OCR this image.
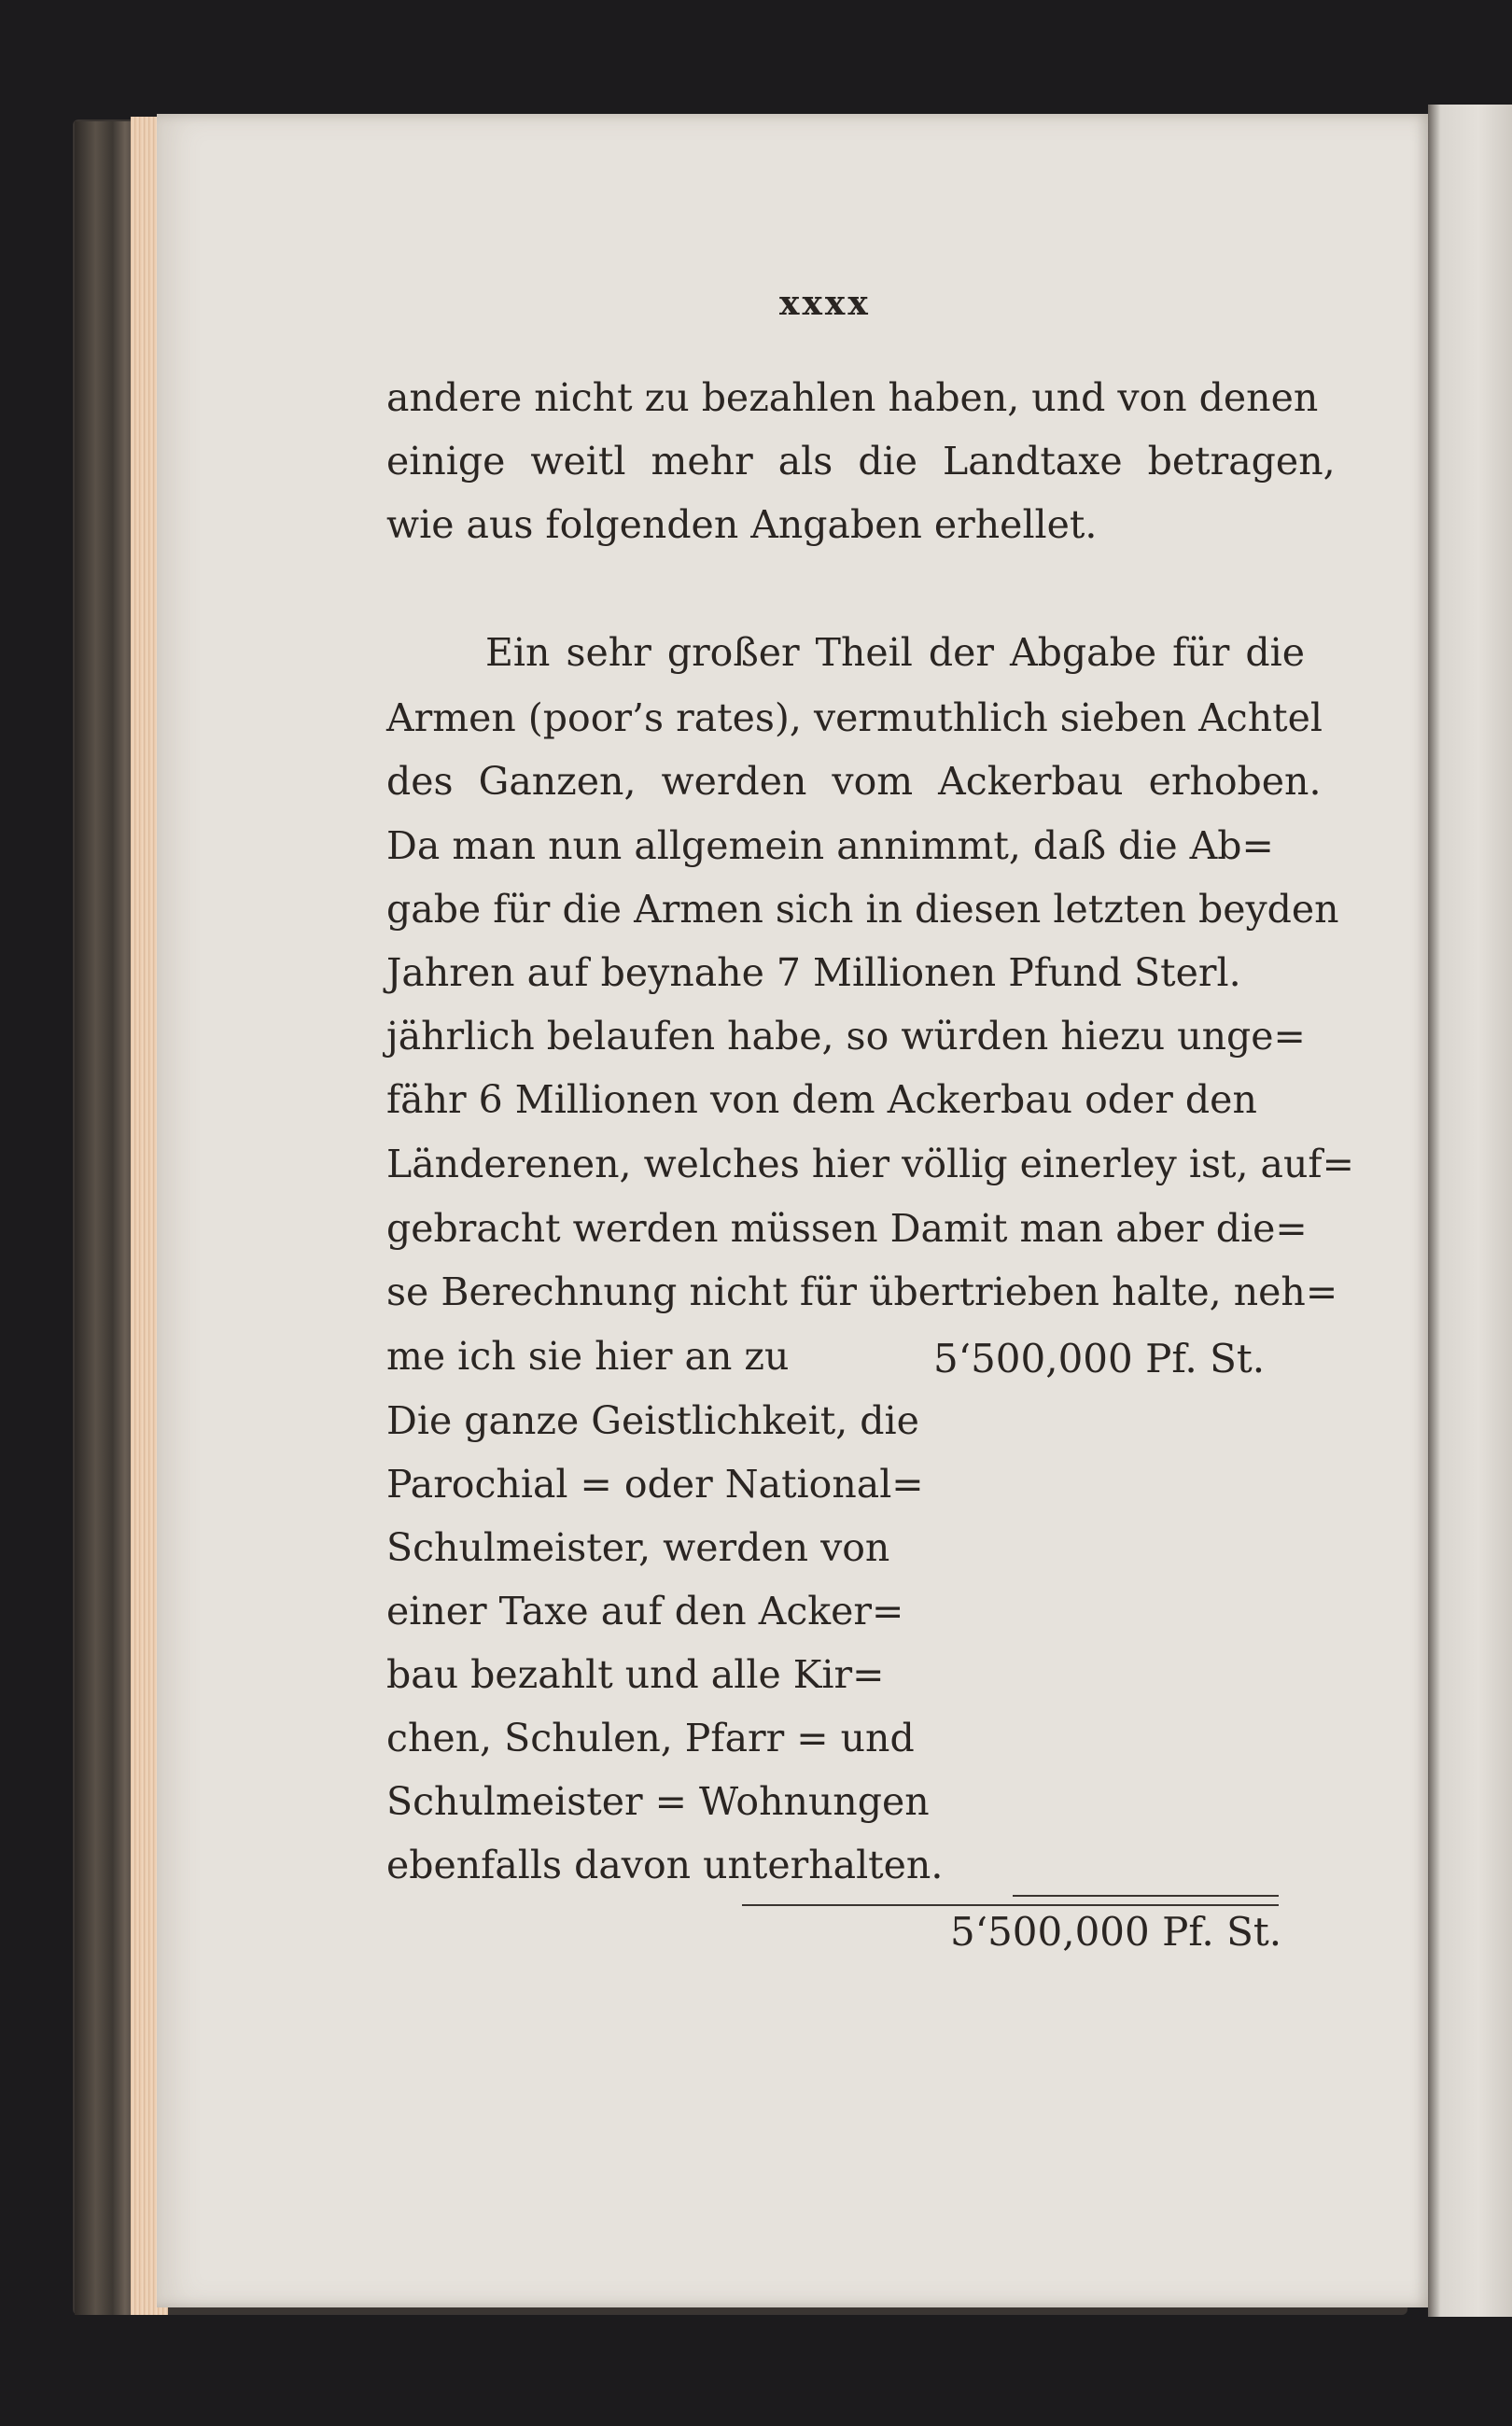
xxxx
andere nicht zu bezahlen haben, und von denen
einige weitl mehr als die Landtaxe betragen,
wie aus folgenden Angaben erhellet.
Ein sehr großer Theil der Abgabe für die
Armen (poor’s rates), vermuthlich sieben Achtel
des Ganzen, werden vom Ackerbau erhoben.
Da man nun allgemein annimmt, daß die Ab=
gabe für die Armen sich in diesen letzten beyden
Jahren auf beynahe 7 Millionen Pfund Sterl.
jährlich belaufen habe, so würden hiezu unge=
fähr 6 Millionen von dem Ackerbau oder den
Länderenen, welches hier völlig einerley ist, auf=
gebracht werden müssen Damit man aber die=
se Berechnung nicht für übertrieben halte, neh=
me ich sie hier an zu	5‘500,000 Pf. St.
Die ganze Geistlichkeit, die
Parochial = oder National=
Schulmeister, werden von
einer Taxe auf den Acker=
bau bezahlt und alle Kir=
chen, Schulen, Pfarr = und
Schulmeister = Wohnungen
ebenfalls davon unterhalten.
5‘500,000 Pf. St.
